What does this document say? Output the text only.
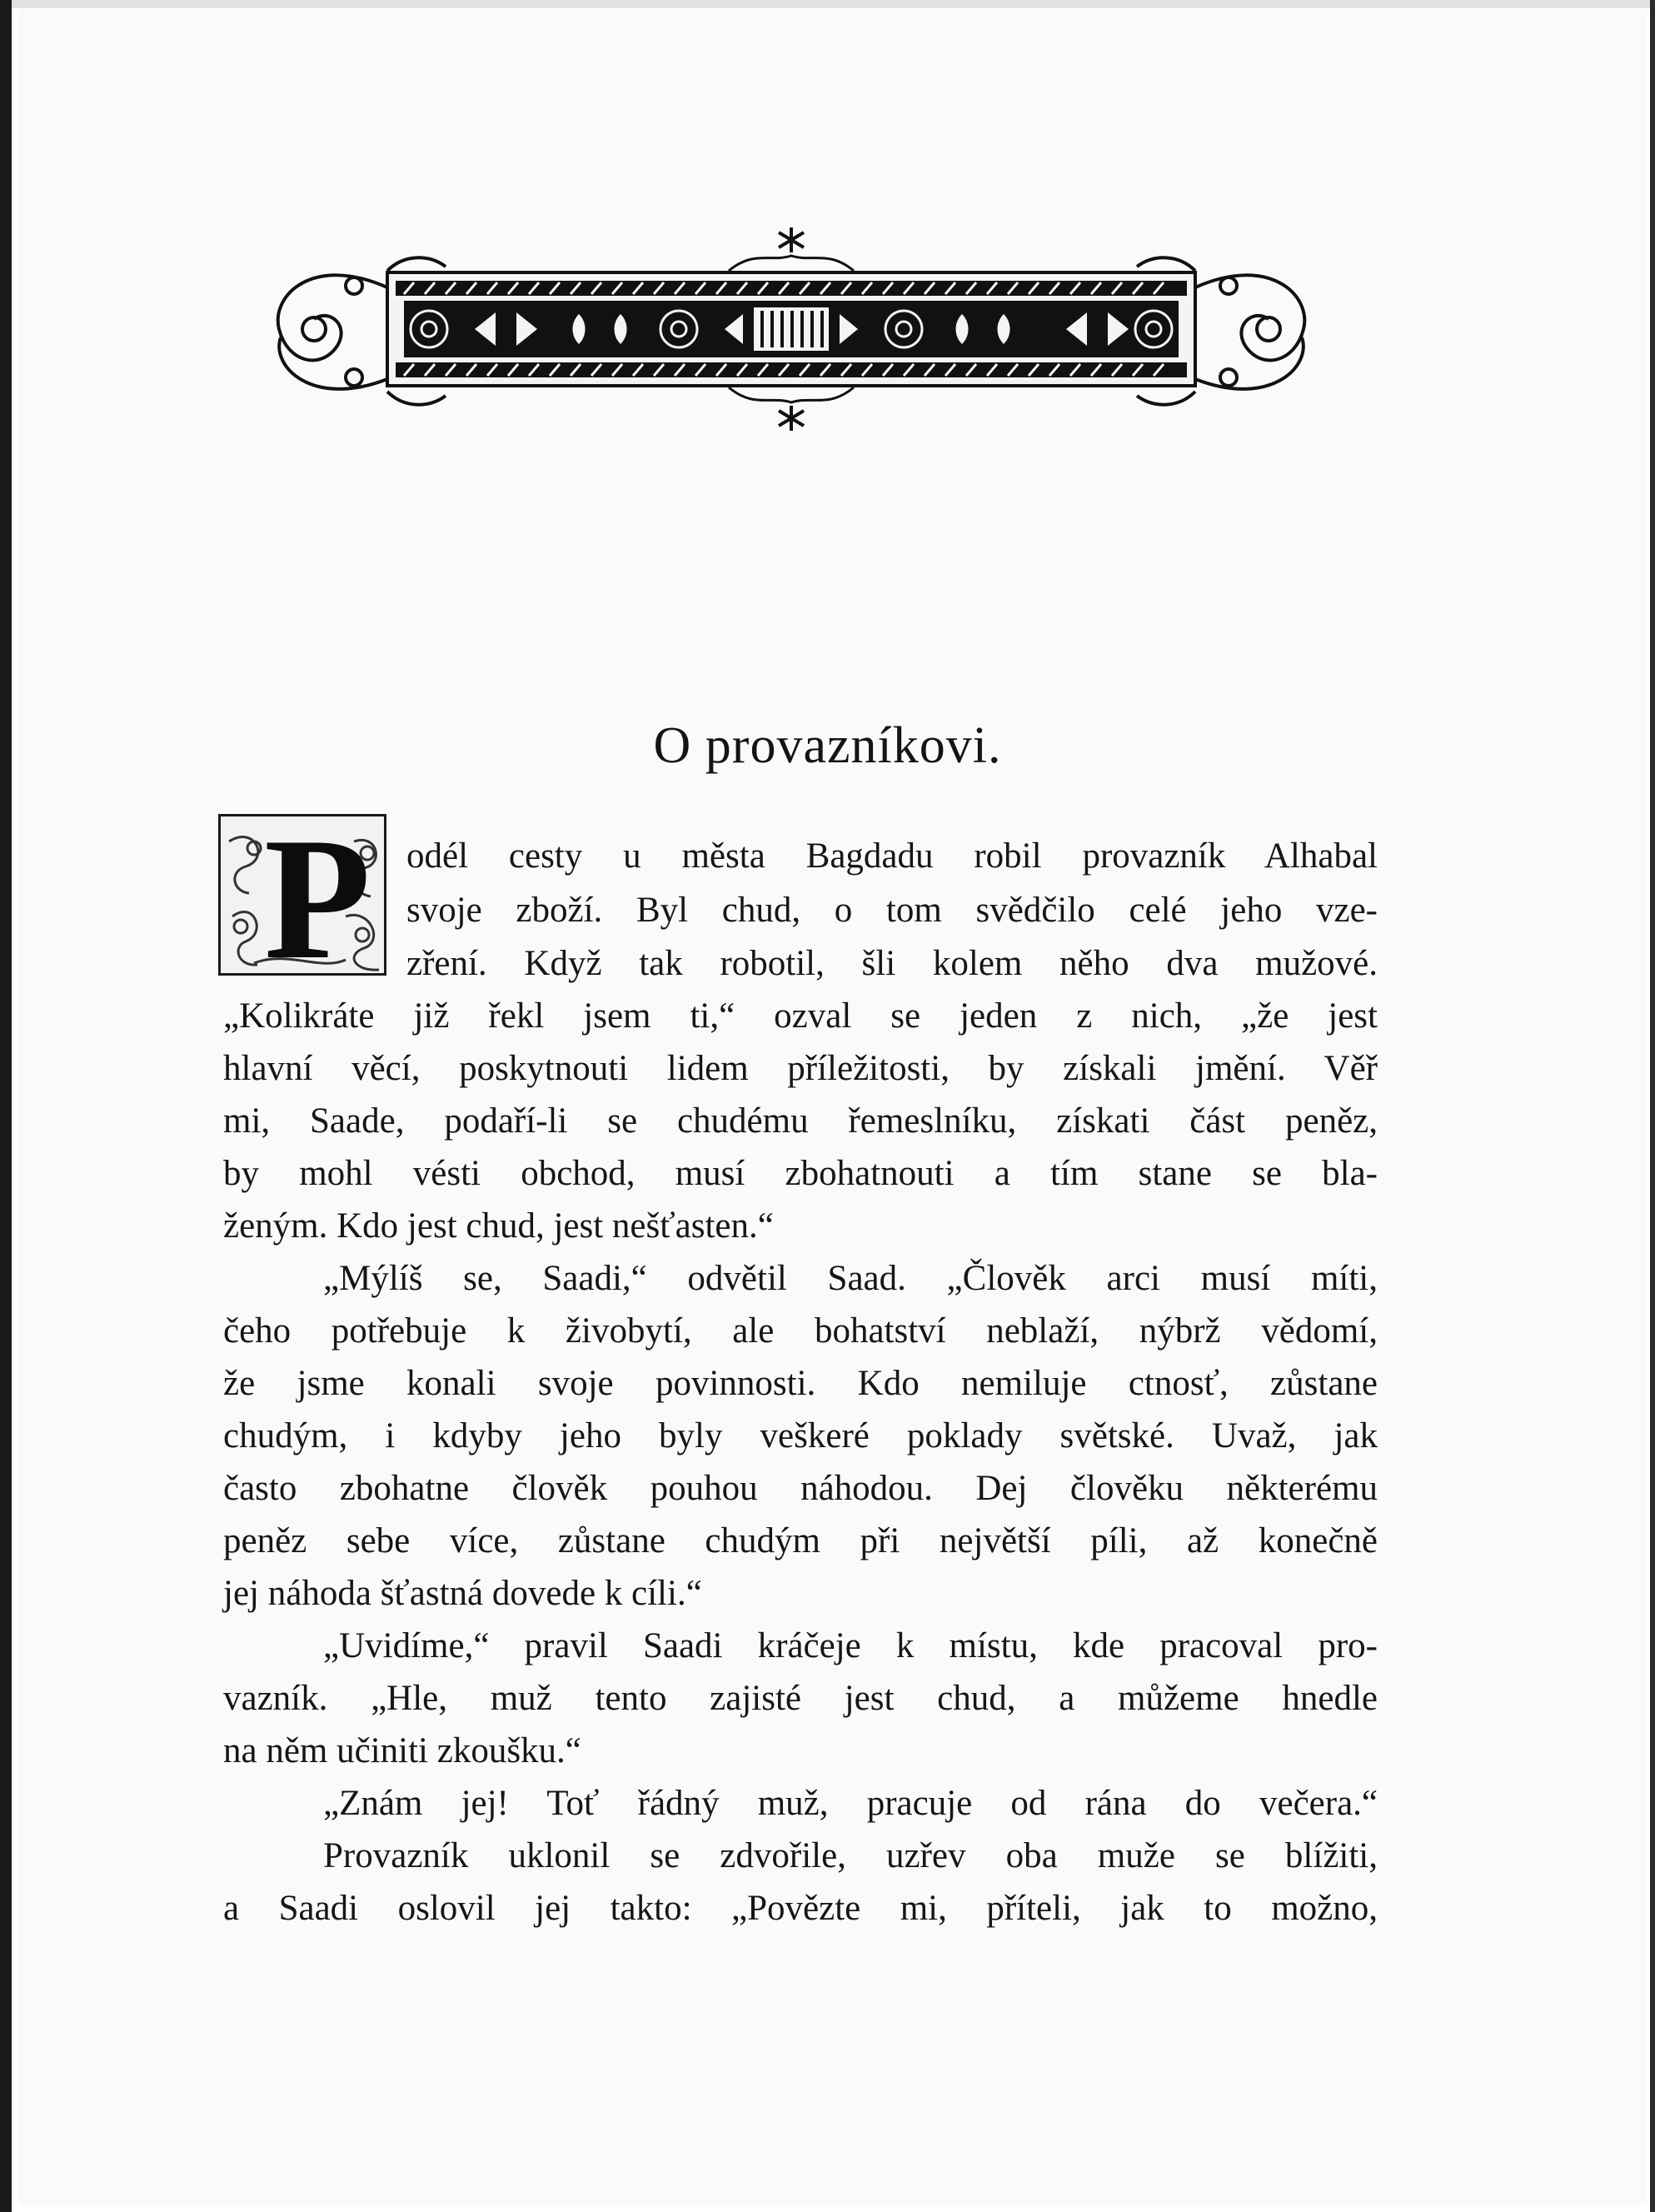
O provazníkovi.
P odél cesty u města Bagdadu robil provazník Alhabal
svoje zboží. Byl chud, o tom svědčilo celé jeho vze-
zření. Když tak robotil, šli kolem něho dva mužové.
„Kolikráte již řekl jsem ti,“ ozval se jeden z nich, „že jest
hlavní věcí, poskytnouti lidem příležitosti, by získali jmění. Věř
mi, Saade, podaří-li se chudému řemeslníku, získati část peněz,
by mohl vésti obchod, musí zbohatnouti a tím stane se bla-
ženým. Kdo jest chud, jest nešťasten.“
„Mýlíš se, Saadi,“ odvětil Saad. „Člověk arci musí míti,
čeho potřebuje k živobytí, ale bohatství neblaží, nýbrž vědomí,
že jsme konali svoje povinnosti. Kdo nemiluje ctnosť, zůstane
chudým, i kdyby jeho byly veškeré poklady světské. Uvaž, jak
často zbohatne člověk pouhou náhodou. Dej člověku některému
peněz sebe více, zůstane chudým při největší píli, až konečně
jej náhoda šťastná dovede k cíli.“
„Uvidíme,“ pravil Saadi kráčeje k místu, kde pracoval pro-
vazník. „Hle, muž tento zajisté jest chud, a můžeme hnedle
na něm učiniti zkoušku.“
„Znám jej! Toť řádný muž, pracuje od rána do večera.“
Provazník uklonil se zdvořile, uzřev oba muže se blížiti,
a Saadi oslovil jej takto: „Povězte mi, příteli, jak to možno,
